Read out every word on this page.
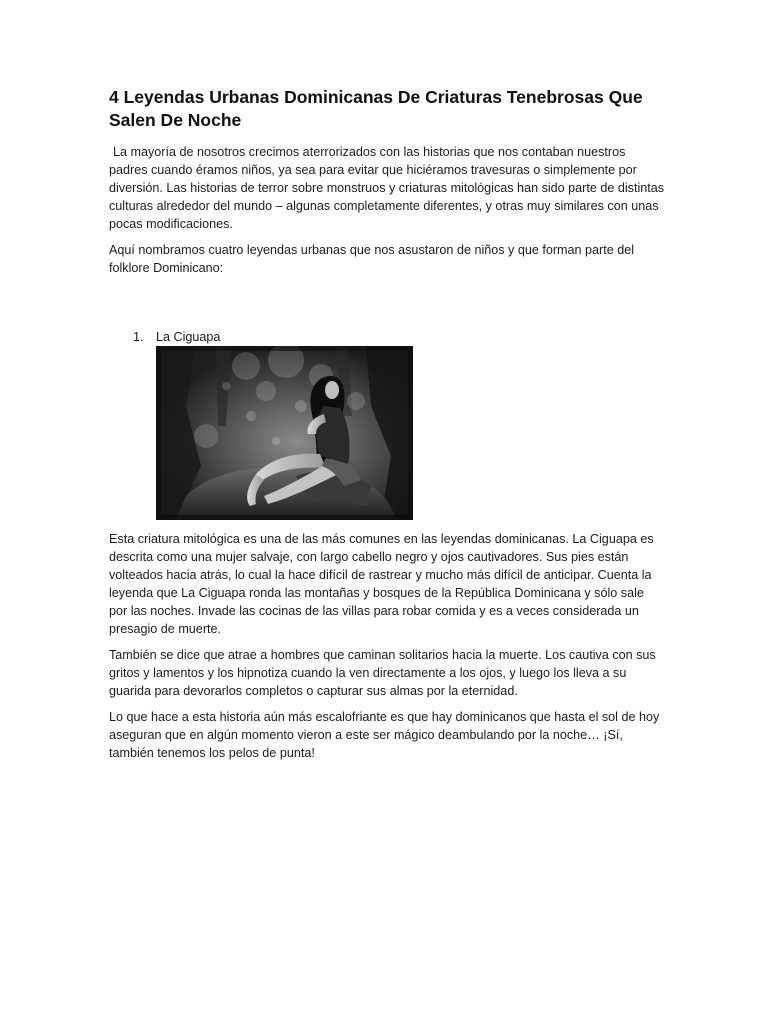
4 Leyendas Urbanas Dominicanas De Criaturas Tenebrosas Que Salen De Noche

La mayoría de nosotros crecimos aterrorizados con las historias que nos contaban nuestros padres cuando éramos niños, ya sea para evitar que hiciéramos travesuras o simplemente por diversión. Las historias de terror sobre monstruos y criaturas mitológicas han sido parte de distintas culturas alrededor del mundo – algunas completamente diferentes, y otras muy similares con unas pocas modificaciones.

Aquí nombramos cuatro leyendas urbanas que nos asustaron de niños y que forman parte del folklore Dominicano:

1. La Ciguapa

Esta criatura mitológica es una de las más comunes en las leyendas dominicanas. La Ciguapa es descrita como una mujer salvaje, con largo cabello negro y ojos cautivadores. Sus pies están volteados hacia atrás, lo cual la hace difícil de rastrear y mucho más difícil de anticipar. Cuenta la leyenda que La Ciguapa ronda las montañas y bosques de la República Dominicana y sólo sale por las noches. Invade las cocinas de las villas para robar comida y es a veces considerada un presagio de muerte.

También se dice que atrae a hombres que caminan solitarios hacia la muerte. Los cautiva con sus gritos y lamentos y los hipnotiza cuando la ven directamente a los ojos, y luego los lleva a su guarida para devorarlos completos o capturar sus almas por la eternidad.

Lo que hace a esta historia aún más escalofriante es que hay dominicanos que hasta el sol de hoy aseguran que en algún momento vieron a este ser mágico deambulando por la noche… ¡Sí, también tenemos los pelos de punta!
